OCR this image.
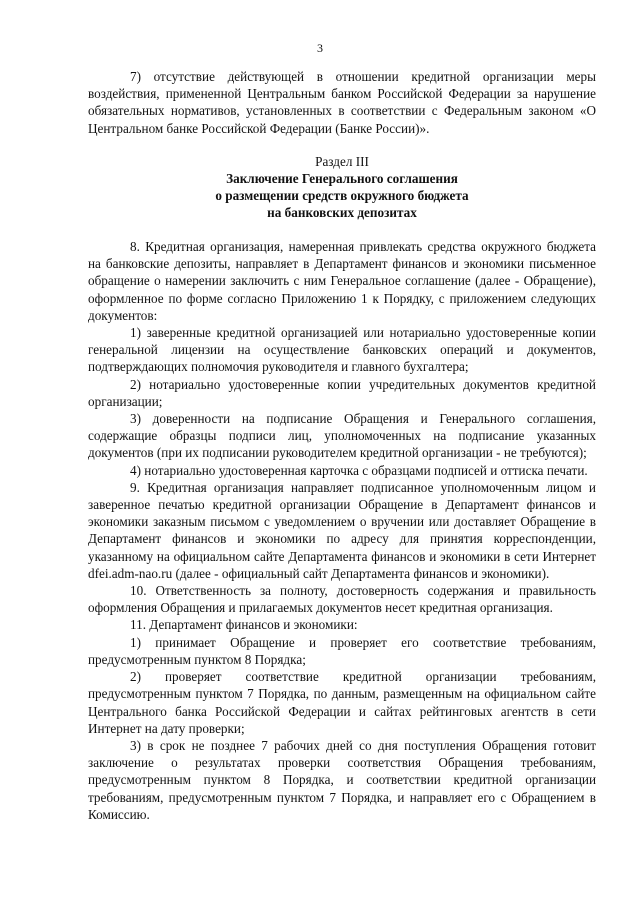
3

7) отсутствие действующей в отношении кредитной организации меры воздействия, примененной Центральным банком Российской Федерации за нарушение обязательных нормативов, установленных в соответствии с Федеральным законом «О Центральном банке Российской Федерации (Банке России)».

Раздел III
Заключение Генерального соглашения
о размещении средств окружного бюджета
на банковских депозитах

8. Кредитная организация, намеренная привлекать средства окружного бюджета на банковские депозиты, направляет в Департамент финансов и экономики письменное обращение о намерении заключить с ним Генеральное соглашение (далее - Обращение), оформленное по форме согласно Приложению 1 к Порядку, с приложением следующих документов:

1) заверенные кредитной организацией или нотариально удостоверенные копии генеральной лицензии на осуществление банковских операций и документов, подтверждающих полномочия руководителя и главного бухгалтера;

2) нотариально удостоверенные копии учредительных документов кредитной организации;

3) доверенности на подписание Обращения и Генерального соглашения, содержащие образцы подписи лиц, уполномоченных на подписание указанных документов (при их подписании руководителем кредитной организации - не требуются);

4) нотариально удостоверенная карточка с образцами подписей и оттиска печати.

9. Кредитная организация направляет подписанное уполномоченным лицом и заверенное печатью кредитной организации Обращение в Департамент финансов и экономики заказным письмом с уведомлением о вручении или доставляет Обращение в Департамент финансов и экономики по адресу для принятия корреспонденции, указанному на официальном сайте Департамента финансов и экономики в сети Интернет dfei.adm-nao.ru (далее - официальный сайт Департамента финансов и экономики).

10. Ответственность за полноту, достоверность содержания и правильность оформления Обращения и прилагаемых документов несет кредитная организация.

11. Департамент финансов и экономики:

1) принимает Обращение и проверяет его соответствие требованиям, предусмотренным пунктом 8 Порядка;

2) проверяет соответствие кредитной организации требованиям, предусмотренным пунктом 7 Порядка, по данным, размещенным на официальном сайте Центрального банка Российской Федерации и сайтах рейтинговых агентств в сети Интернет на дату проверки;

3) в срок не позднее 7 рабочих дней со дня поступления Обращения готовит заключение о результатах проверки соответствия Обращения требованиям, предусмотренным пунктом 8 Порядка, и соответствии кредитной организации требованиям, предусмотренным пунктом 7 Порядка, и направляет его с Обращением в Комиссию.
